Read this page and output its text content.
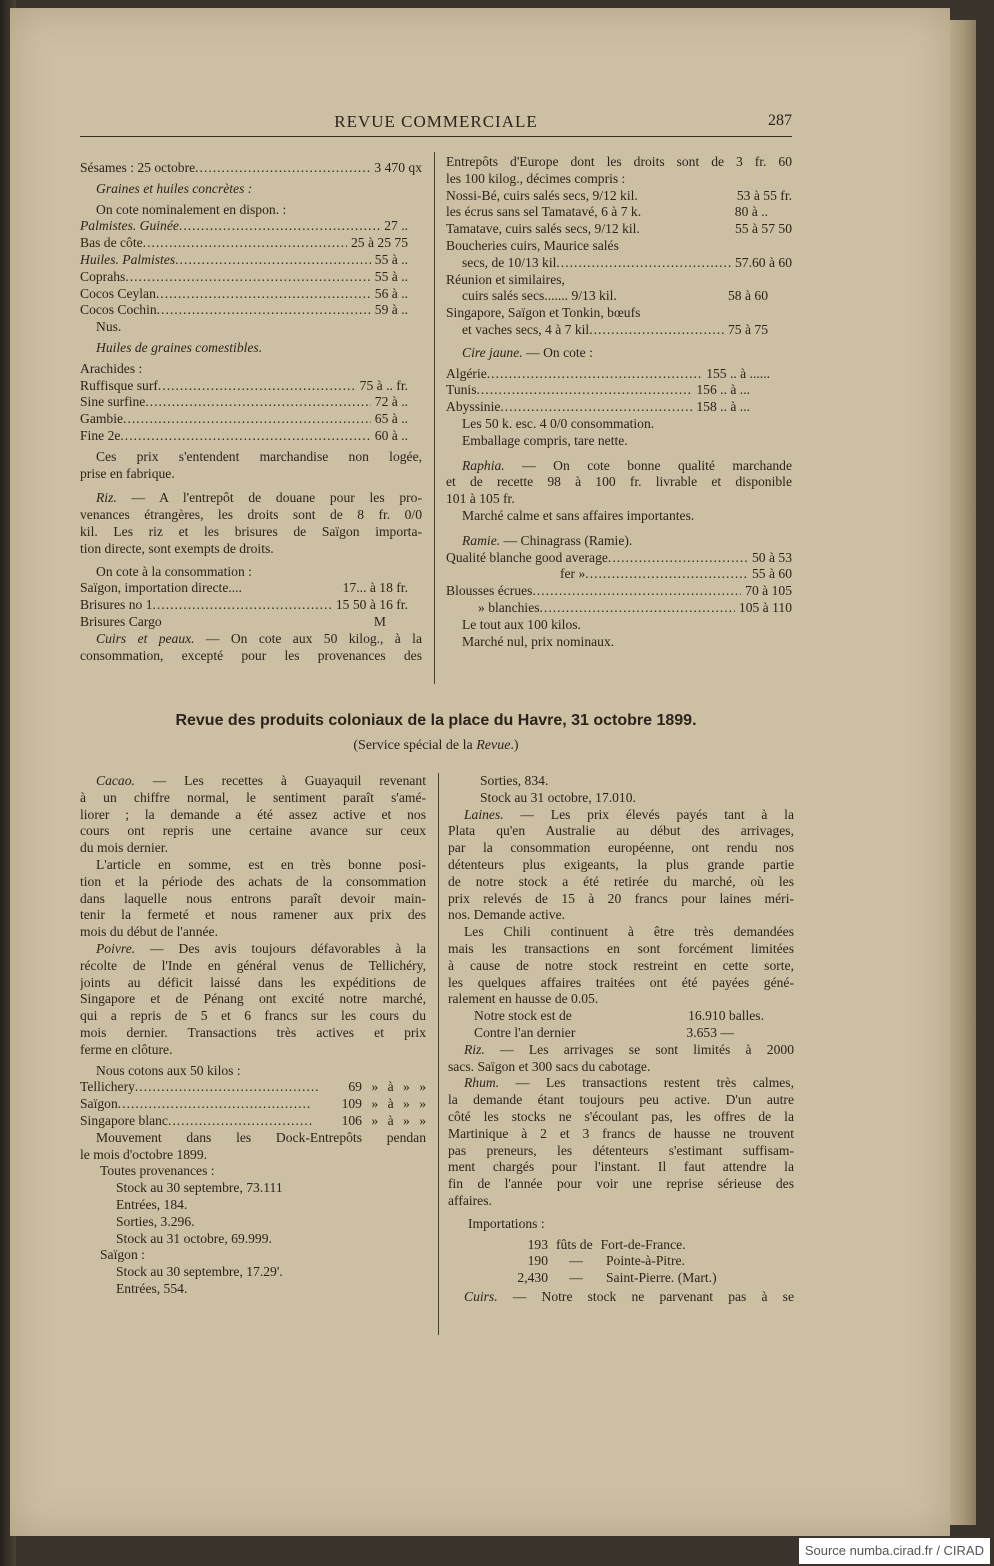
REVUE COMMERCIALE	287
Sésames : 25 octobre .....	3 470 qx
Graines et huiles concrètes :
On cote nominalement en dispon. :
Palmistes. Guinée .....	27 ..
Bas de côte .....	25 à 25 75
Huiles. Palmistes .....	55 à ..
Coprahs .....	55 à ..
Cocos Ceylan .....	56 à ..
Cocos Cochin .....	59 à ..
Nus.
Huiles de graines comestibles.
Arachides :
Ruffisque surf .....	75 à .. fr.
Sine surfine .....	72 à ..
Gambie .....	65 à ..
Fine 2e .....	60 à ..
Ces prix s'entendent marchandise non logée,
prise en fabrique.
Riz. — A l'entrepôt de douane pour les pro-
venances étrangères, les droits sont de 8 fr. 0/0
kil. Les riz et les brisures de Saïgon importa-
tion directe, sont exempts de droits.
On cote à la consommation :
Saïgon, importation directe....	17... à 18 fr.
Brisures no 1 .....	15 50 à 16 fr.
Brisures Cargo	M
Cuirs et peaux. — On cote aux 50 kilog., à la
consommation, excepté pour les provenances des
Entrepôts d'Europe dont les droits sont de 3 fr. 60
les 100 kilog., décimes compris :
Nossi-Bé, cuirs salés secs, 9/12 kil.	53 à 55 fr.
les écrus sans sel Tamatavé, 6 à 7 k.	80 à ..
Tamatave, cuirs salés secs, 9/12 kil.	55 à 57 50
Boucheries cuirs, Maurice salés
secs, de 10/13 kil .....	57.60 à 60
Réunion et similaires,
cuirs salés secs....... 9/13 kil.	58 à 60
Singapore, Saïgon et Tonkin, bœufs
et vaches secs, 4 à 7 kil .....	75 à 75
Cire jaune. — On cote :
Algérie .....	155 .. à ......
Tunis .....	156 .. à ...
Abyssinie .....	158 .. à ...
Les 50 k. esc. 4 0/0 consommation.
Emballage compris, tare nette.
Raphia. — On cote bonne qualité marchande
et de recette 98 à 100 fr. livrable et disponible
101 à 105 fr.
Marché calme et sans affaires importantes.
Ramie. — Chinagrass (Ramie).
Qualité blanche good average .....	50 à 53
fer » .....	55 à 60
Blousses écrues .....	70 à 105
» blanchies .....	105 à 110
Le tout aux 100 kilos.
Marché nul, prix nominaux.
Revue des produits coloniaux de la place du Havre, 31 octobre 1899.
(Service spécial de la Revue.)
Cacao. — Les recettes à Guayaquil revenant
à un chiffre normal, le sentiment paraît s'amé-
liorer ; la demande a été assez active et nos
cours ont repris une certaine avance sur ceux
du mois dernier.
L'article en somme, est en très bonne posi-
tion et la période des achats de la consommation
dans laquelle nous entrons paraît devoir main-
tenir la fermeté et nous ramener aux prix des
mois du début de l'année.
Poivre. — Des avis toujours défavorables à la
récolte de l'Inde en général venus de Tellichéry,
joints au déficit laissé dans les expéditions de
Singapore et de Pénang ont excité notre marché,
qui a repris de 5 et 6 francs sur les cours du
mois dernier. Transactions très actives et prix
ferme en clôture.
Nous cotons aux 50 kilos :
Tellichery .....	69 » à » »
Saïgon .....	109 » à » »
Singapore blanc .....	106 » à » »
Mouvement dans les Dock-Entrepôts pendan
le mois d'octobre 1899.
Toutes provenances :
Stock au 30 septembre, 73.111
Entrées, 184.
Sorties, 3.296.
Stock au 31 octobre, 69.999.
Saïgon :
Stock au 30 septembre, 17.29'.
Entrées, 554.
Sorties, 834.
Stock au 31 octobre, 17.010.
Laines. — Les prix élevés payés tant à la
Plata qu'en Australie au début des arrivages,
par la consommation européenne, ont rendu nos
détenteurs plus exigeants, la plus grande partie
de notre stock a été retirée du marché, où les
prix relevés de 15 à 20 francs pour laines méri-
nos. Demande active.
Les Chili continuent à être très demandées
mais les transactions en sont forcément limitées
à cause de notre stock restreint en cette sorte,
les quelques affaires traitées ont été payées géné-
ralement en hausse de 0.05.
Notre stock est de	16.910 balles.
Contre l'an dernier	3.653 —
Riz. — Les arrivages se sont limités à 2000
sacs. Saïgon et 300 sacs du cabotage.
Rhum. — Les transactions restent très calmes,
la demande étant toujours peu active. D'un autre
côté les stocks ne s'écoulant pas, les offres de la
Martinique à 2 et 3 francs de hausse ne trouvent
pas preneurs, les détenteurs s'estimant suffisam-
ment chargés pour l'instant. Il faut attendre la
fin de l'année pour voir une reprise sérieuse des
affaires.
Importations :
193 fûts de Fort-de-France.
190	—	Pointe-à-Pitre.
2,430	—	Saint-Pierre. (Mart.)
Cuirs. — Notre stock ne parvenant pas à se
Source numba.cirad.fr / CIRAD
